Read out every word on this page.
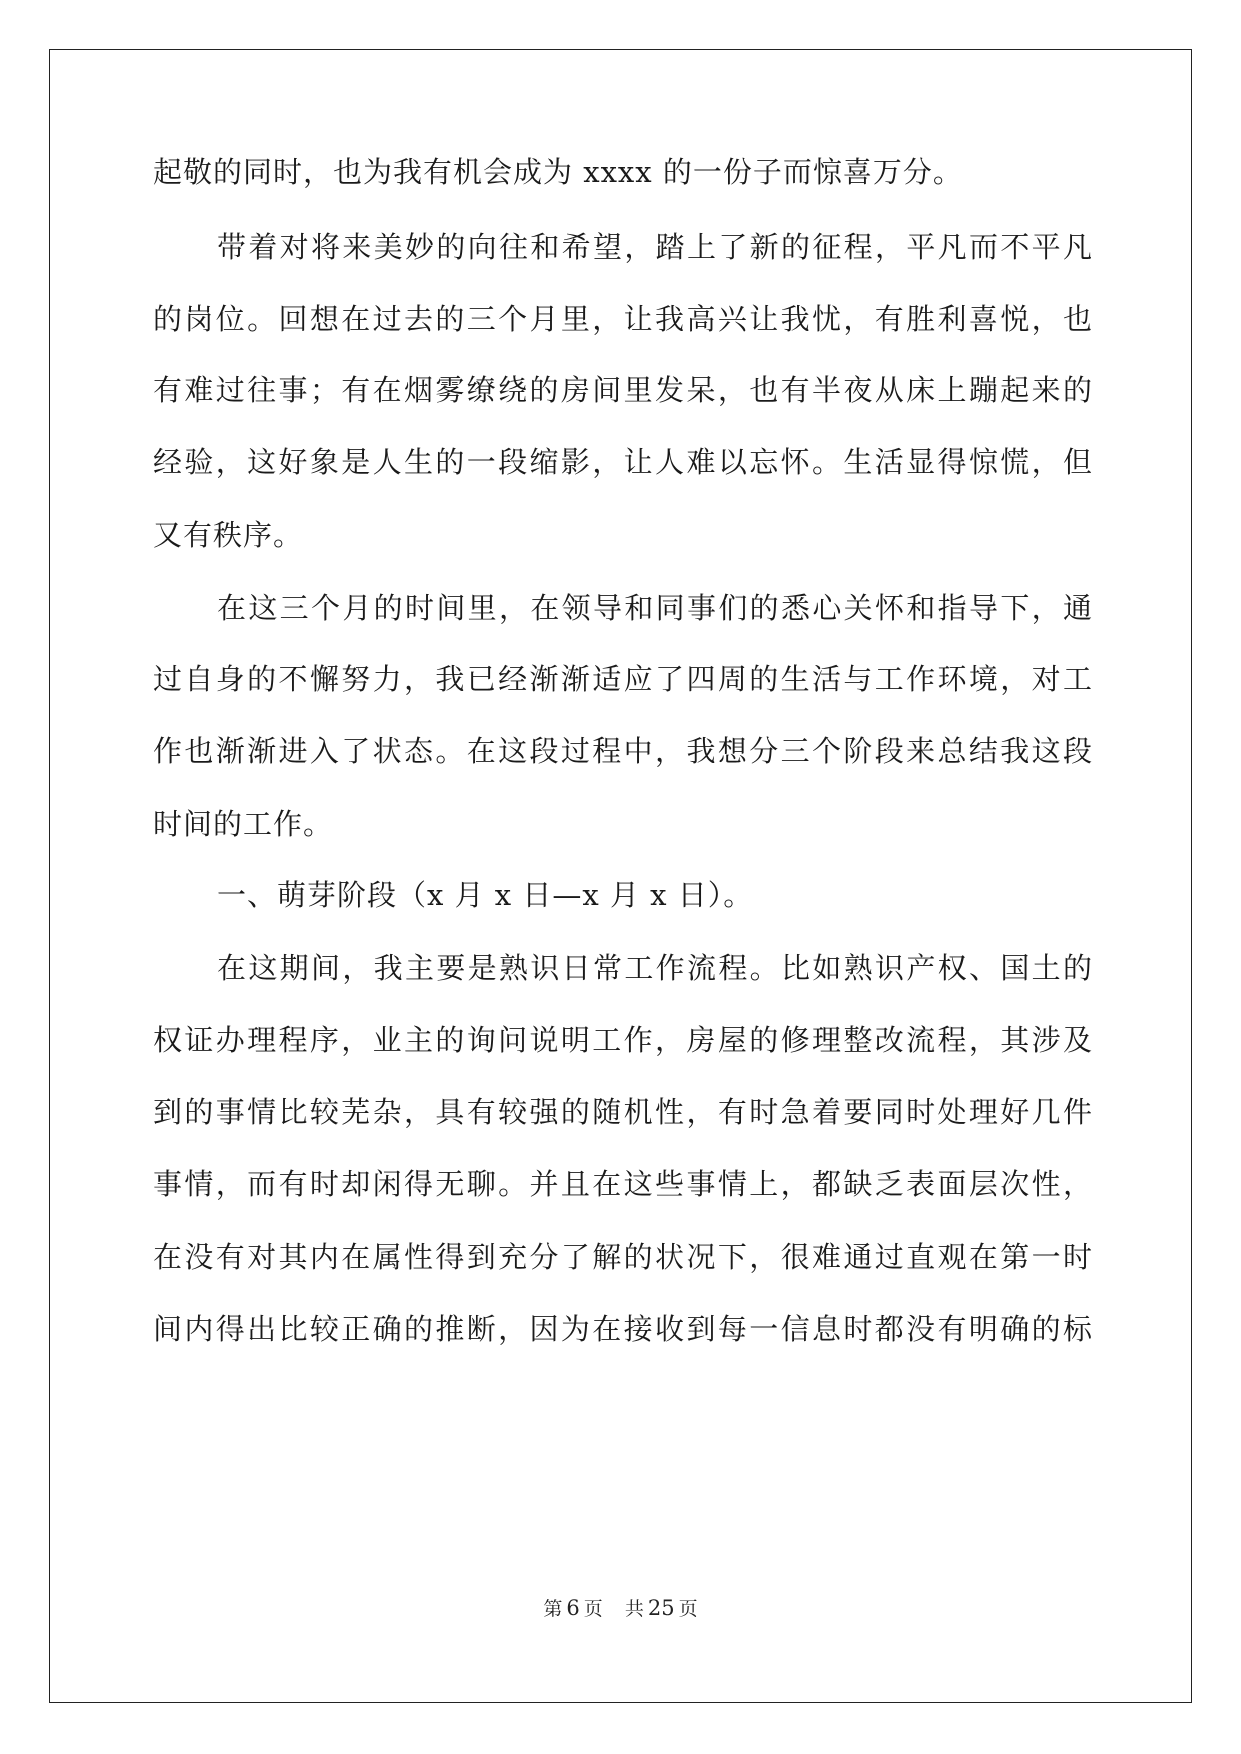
起敬的同时，也为我有机会成为 xxxx 的一份子而惊喜万分。
带着对将来美妙的向往和希望，踏上了新的征程，平凡而不平凡
的岗位。回想在过去的三个月里，让我高兴让我忧，有胜利喜悦，也
有难过往事；有在烟雾缭绕的房间里发呆，也有半夜从床上蹦起来的
经验，这好象是人生的一段缩影，让人难以忘怀。生活显得惊慌，但
又有秩序。
在这三个月的时间里，在领导和同事们的悉心关怀和指导下，通
过自身的不懈努力，我已经渐渐适应了四周的生活与工作环境，对工
作也渐渐进入了状态。在这段过程中，我想分三个阶段来总结我这段
时间的工作。
一、萌芽阶段（x 月 x 日—x 月 x 日）。
在这期间，我主要是熟识日常工作流程。比如熟识产权、国土的
权证办理程序，业主的询问说明工作，房屋的修理整改流程，其涉及
到的事情比较芜杂，具有较强的随机性，有时急着要同时处理好几件
事情，而有时却闲得无聊。并且在这些事情上，都缺乏表面层次性，
在没有对其内在属性得到充分了解的状况下，很难通过直观在第一时
间内得出比较正确的推断，因为在接收到每一信息时都没有明确的标
第 6 页 共 25 页
